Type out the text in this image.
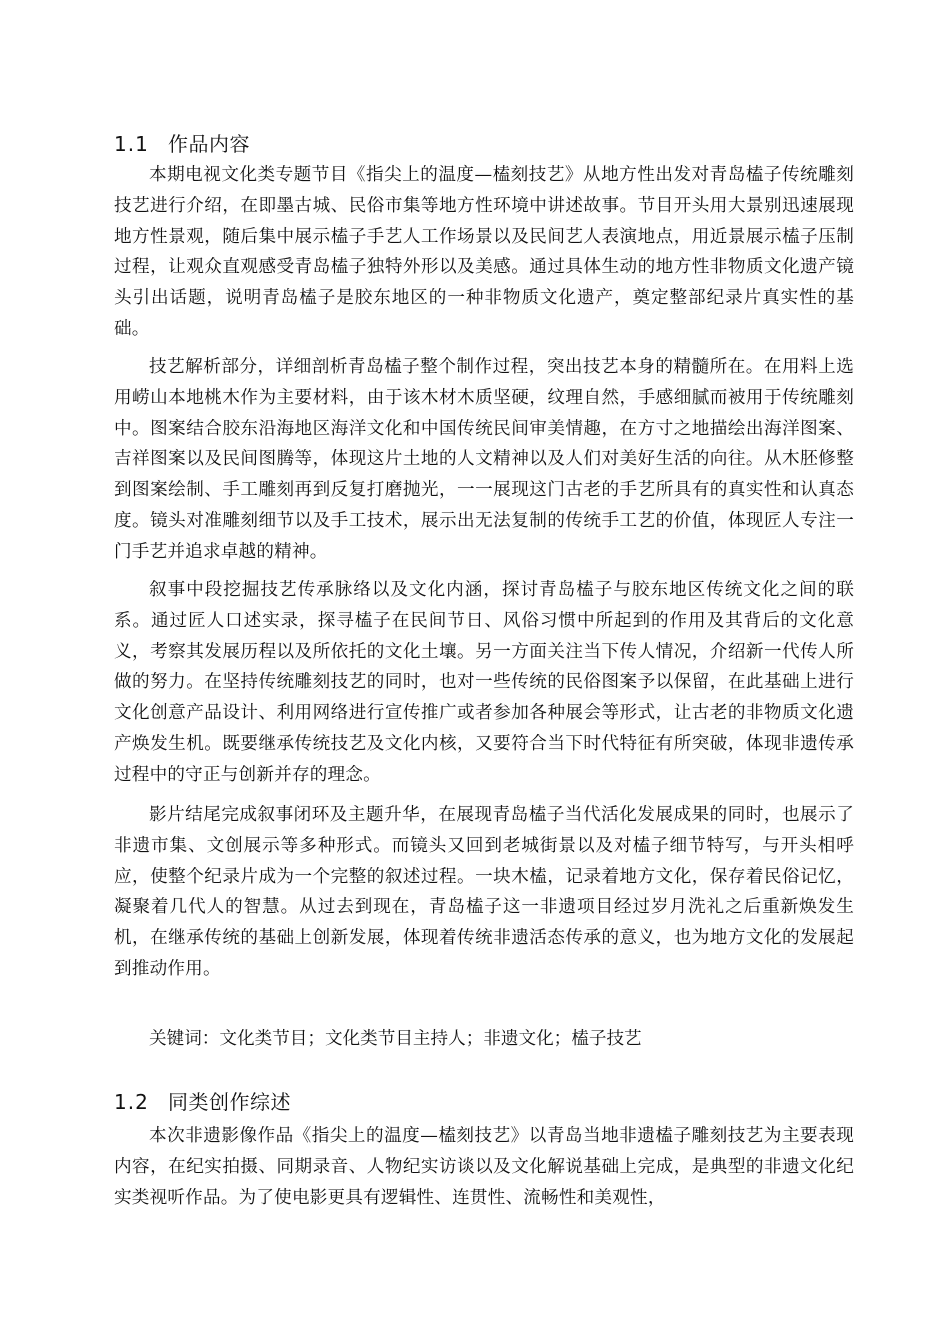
1.1 作品内容

本期电视文化类专题节目《指尖上的温度—榼刻技艺》从地方性出发对青岛榼子传统雕刻技艺进行介绍，在即墨古城、民俗市集等地方性环境中讲述故事。节目开头用大景别迅速展现地方性景观，随后集中展示榼子手艺人工作场景以及民间艺人表演地点，用近景展示榼子压制过程，让观众直观感受青岛榼子独特外形以及美感。通过具体生动的地方性非物质文化遗产镜头引出话题，说明青岛榼子是胶东地区的一种非物质文化遗产，奠定整部纪录片真实性的基础。

技艺解析部分，详细剖析青岛榼子整个制作过程，突出技艺本身的精髓所在。在用料上选用崂山本地桃木作为主要材料，由于该木材木质坚硬，纹理自然，手感细腻而被用于传统雕刻中。图案结合胶东沿海地区海洋文化和中国传统民间审美情趣，在方寸之地描绘出海洋图案、吉祥图案以及民间图腾等，体现这片土地的人文精神以及人们对美好生活的向往。从木胚修整到图案绘制、手工雕刻再到反复打磨抛光，一一展现这门古老的手艺所具有的真实性和认真态度。镜头对准雕刻细节以及手工技术，展示出无法复制的传统手工艺的价值，体现匠人专注一门手艺并追求卓越的精神。

叙事中段挖掘技艺传承脉络以及文化内涵，探讨青岛榼子与胶东地区传统文化之间的联系。通过匠人口述实录，探寻榼子在民间节日、风俗习惯中所起到的作用及其背后的文化意义，考察其发展历程以及所依托的文化土壤。另一方面关注当下传人情况，介绍新一代传人所做的努力。在坚持传统雕刻技艺的同时，也对一些传统的民俗图案予以保留，在此基础上进行文化创意产品设计、利用网络进行宣传推广或者参加各种展会等形式，让古老的非物质文化遗产焕发生机。既要继承传统技艺及文化内核，又要符合当下时代特征有所突破，体现非遗传承过程中的守正与创新并存的理念。

影片结尾完成叙事闭环及主题升华，在展现青岛榼子当代活化发展成果的同时，也展示了非遗市集、文创展示等多种形式。而镜头又回到老城街景以及对榼子细节特写，与开头相呼应，使整个纪录片成为一个完整的叙述过程。一块木榼，记录着地方文化，保存着民俗记忆，凝聚着几代人的智慧。从过去到现在，青岛榼子这一非遗项目经过岁月洗礼之后重新焕发生机，在继承传统的基础上创新发展，体现着传统非遗活态传承的意义，也为地方文化的发展起到推动作用。

关键词：文化类节目；文化类节目主持人；非遗文化；榼子技艺
1.2 同类创作综述

本次非遗影像作品《指尖上的温度—榼刻技艺》以青岛当地非遗榼子雕刻技艺为主要表现内容，在纪实拍摄、同期录音、人物纪实访谈以及文化解说基础上完成，是典型的非遗文化纪实类视听作品。为了使电影更具有逻辑性、连贯性、流畅性和美观性，
